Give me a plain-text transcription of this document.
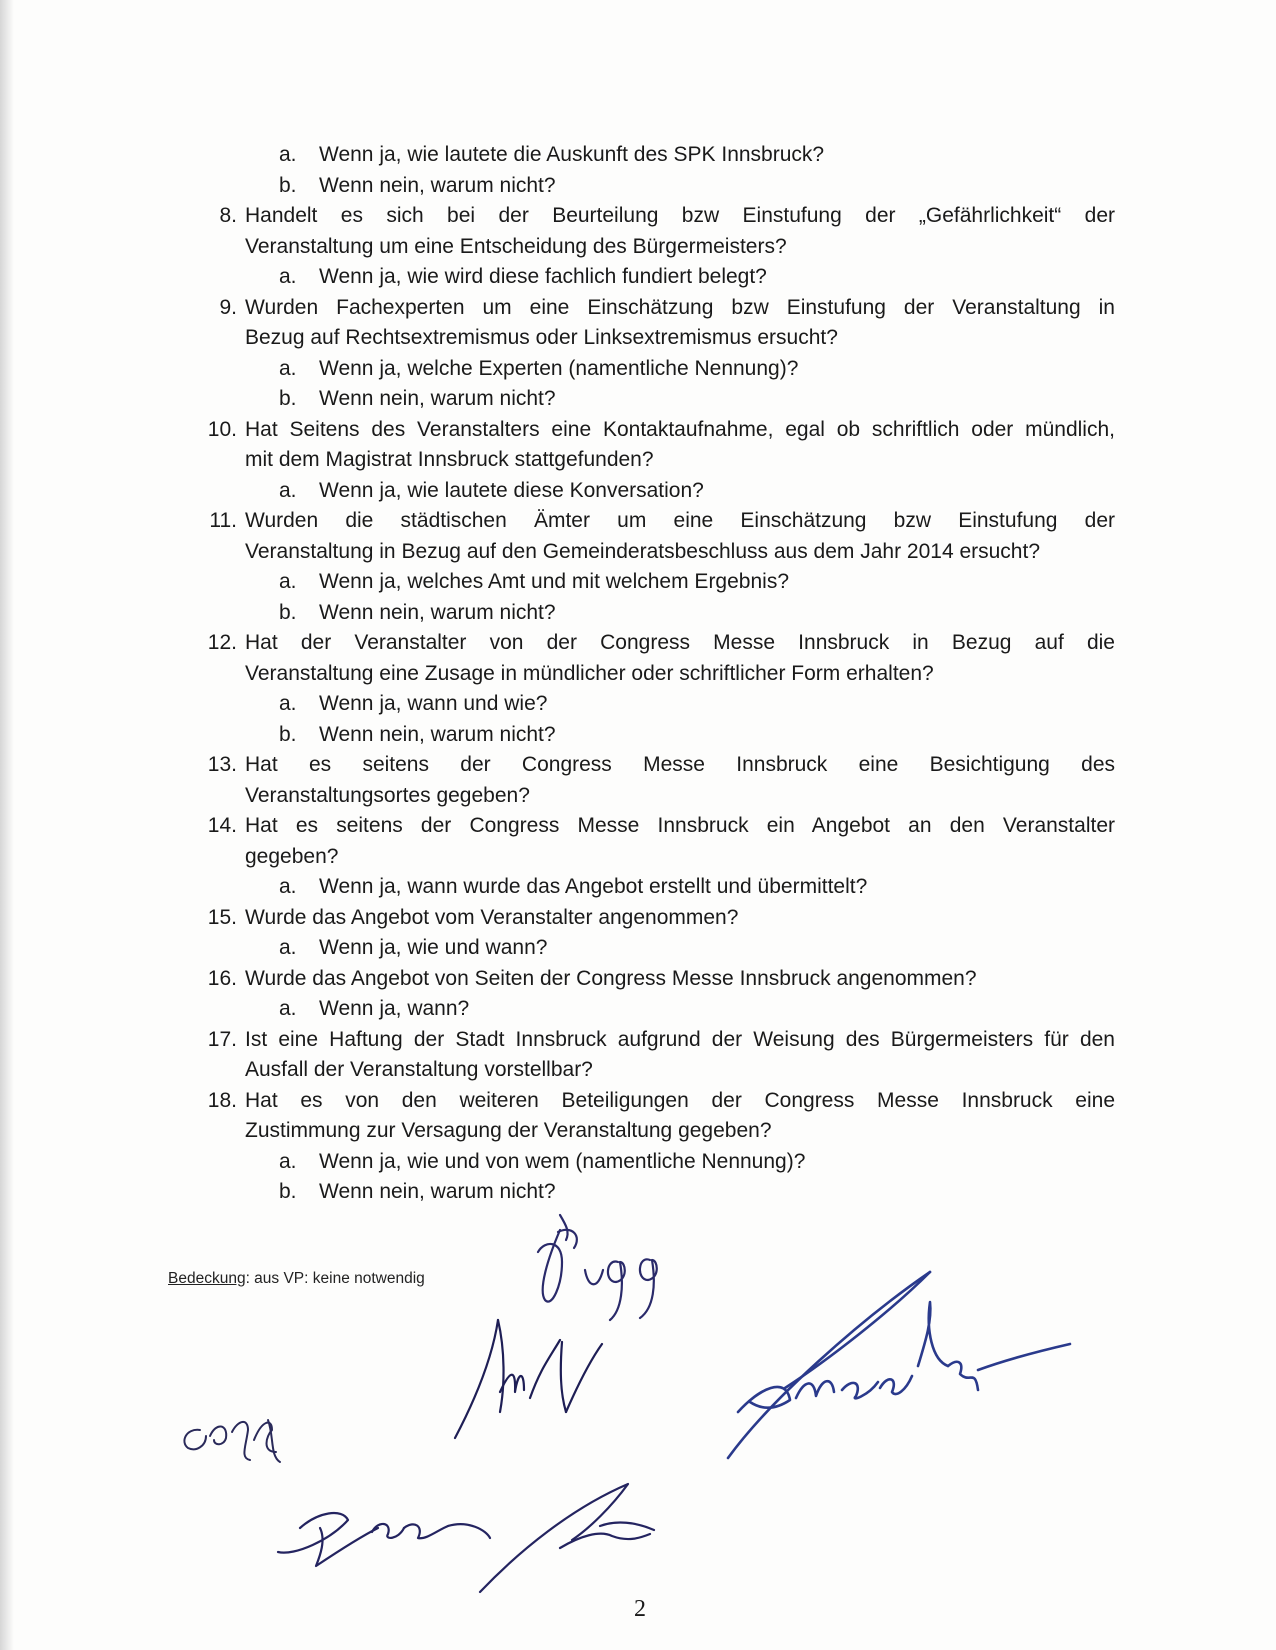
a. Wenn ja, wie lautete die Auskunft des SPK Innsbruck?
b. Wenn nein, warum nicht?
8. Handelt es sich bei der Beurteilung bzw Einstufung der „Gefährlichkeit“ der
Veranstaltung um eine Entscheidung des Bürgermeisters?
a. Wenn ja, wie wird diese fachlich fundiert belegt?
9. Wurden Fachexperten um eine Einschätzung bzw Einstufung der Veranstaltung in
Bezug auf Rechtsextremismus oder Linksextremismus ersucht?
a. Wenn ja, welche Experten (namentliche Nennung)?
b. Wenn nein, warum nicht?
10. Hat Seitens des Veranstalters eine Kontaktaufnahme, egal ob schriftlich oder mündlich,
mit dem Magistrat Innsbruck stattgefunden?
a. Wenn ja, wie lautete diese Konversation?
11. Wurden die städtischen Ämter um eine Einschätzung bzw Einstufung der
Veranstaltung in Bezug auf den Gemeinderatsbeschluss aus dem Jahr 2014 ersucht?
a. Wenn ja, welches Amt und mit welchem Ergebnis?
b. Wenn nein, warum nicht?
12. Hat der Veranstalter von der Congress Messe Innsbruck in Bezug auf die
Veranstaltung eine Zusage in mündlicher oder schriftlicher Form erhalten?
a. Wenn ja, wann und wie?
b. Wenn nein, warum nicht?
13. Hat es seitens der Congress Messe Innsbruck eine Besichtigung des
Veranstaltungsortes gegeben?
14. Hat es seitens der Congress Messe Innsbruck ein Angebot an den Veranstalter
gegeben?
a. Wenn ja, wann wurde das Angebot erstellt und übermittelt?
15. Wurde das Angebot vom Veranstalter angenommen?
a. Wenn ja, wie und wann?
16. Wurde das Angebot von Seiten der Congress Messe Innsbruck angenommen?
a. Wenn ja, wann?
17. Ist eine Haftung der Stadt Innsbruck aufgrund der Weisung des Bürgermeisters für den
Ausfall der Veranstaltung vorstellbar?
18. Hat es von den weiteren Beteiligungen der Congress Messe Innsbruck eine
Zustimmung zur Versagung der Veranstaltung gegeben?
a. Wenn ja, wie und von wem (namentliche Nennung)?
b. Wenn nein, warum nicht?
Bedeckung: aus VP: keine notwendig
2
